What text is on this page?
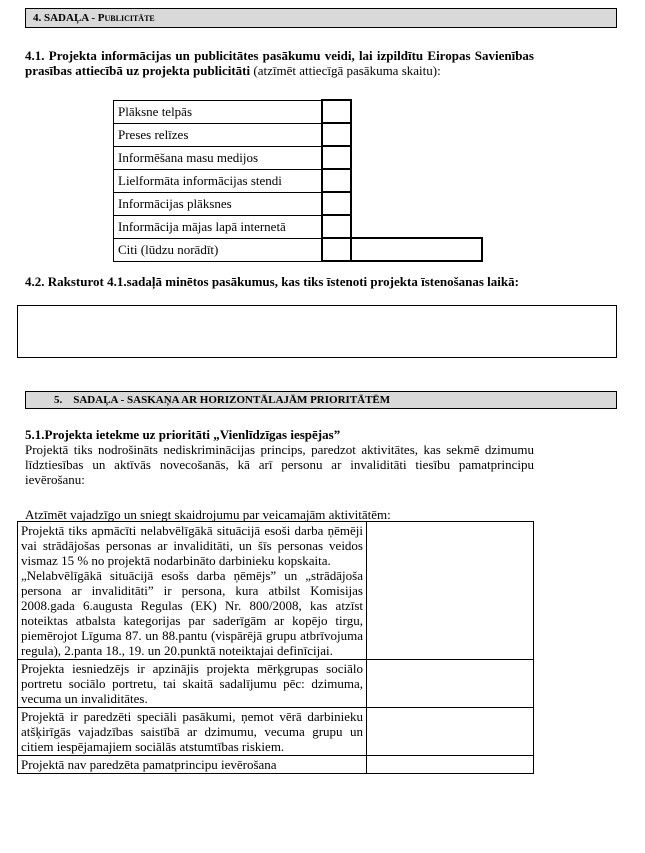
4. SADAĻA - Publicitāte
4.1. Projekta informācijas un publicitātes pasākumu veidi, lai izpildītu Eiropas Savienības prasības attiecībā uz projekta publicitāti (atzīmēt attiecīgā pasākuma skaitu):
Plāksne telpās		
Preses relīzes		
Informēšana masu medijos		
Lielformāta informācijas stendi		
Informācijas plāksnes		
Informācija mājas lapā internetā		
Citi (lūdzu norādīt)		
4.2. Raksturot 4.1.sadaļā minētos pasākumus, kas tiks īstenoti projekta īstenošanas laikā:
5. SADAĻA - SASKAŅA AR HORIZONTĀLAJĀM PRIORITĀTĒM
5.1.Projekta ietekme uz prioritāti „Vienlīdzīgas iespējas”
Projektā tiks nodrošināts nediskriminācijas princips, paredzot aktivitātes, kas sekmē dzimumu līdztiesības un aktīvās novecošanās, kā arī personu ar invaliditāti tiesību pamatprincipu ievērošanu:
Atzīmēt vajadzīgo un sniegt skaidrojumu par veicamajām aktivitātēm:
Projektā tiks apmācīti nelabvēlīgākā situācijā esoši darba ņēmēji vai strādājošas personas ar invaliditāti, un šīs personas veidos vismaz 15 % no projektā nodarbināto darbinieku kopskaita.
„Nelabvēlīgākā situācijā esošs darba ņēmējs” un „strādājoša persona ar invaliditāti” ir persona, kura atbilst Komisijas 2008.gada 6.augusta Regulas (EK) Nr. 800/2008, kas atzīst noteiktas atbalsta kategorijas par saderīgām ar kopējo tirgu, piemērojot Līguma 87. un 88.pantu (vispārējā grupu atbrīvojuma regula), 2.panta 18., 19. un 20.punktā noteiktajai definīcijai.	

Projekta iesniedzējs ir apzinājis projekta mērķgrupas sociālo portretu sociālo portretu, tai skaitā sadalījumu pēc: dzimuma, vecuma un invaliditātes.	

Projektā ir paredzēti speciāli pasākumi, ņemot vērā darbinieku atšķirīgās vajadzības saistībā ar dzimumu, vecuma grupu un citiem iespējamajiem sociālās atstumtības riskiem.	

Projektā nav paredzēta pamatprincipu ievērošana	
